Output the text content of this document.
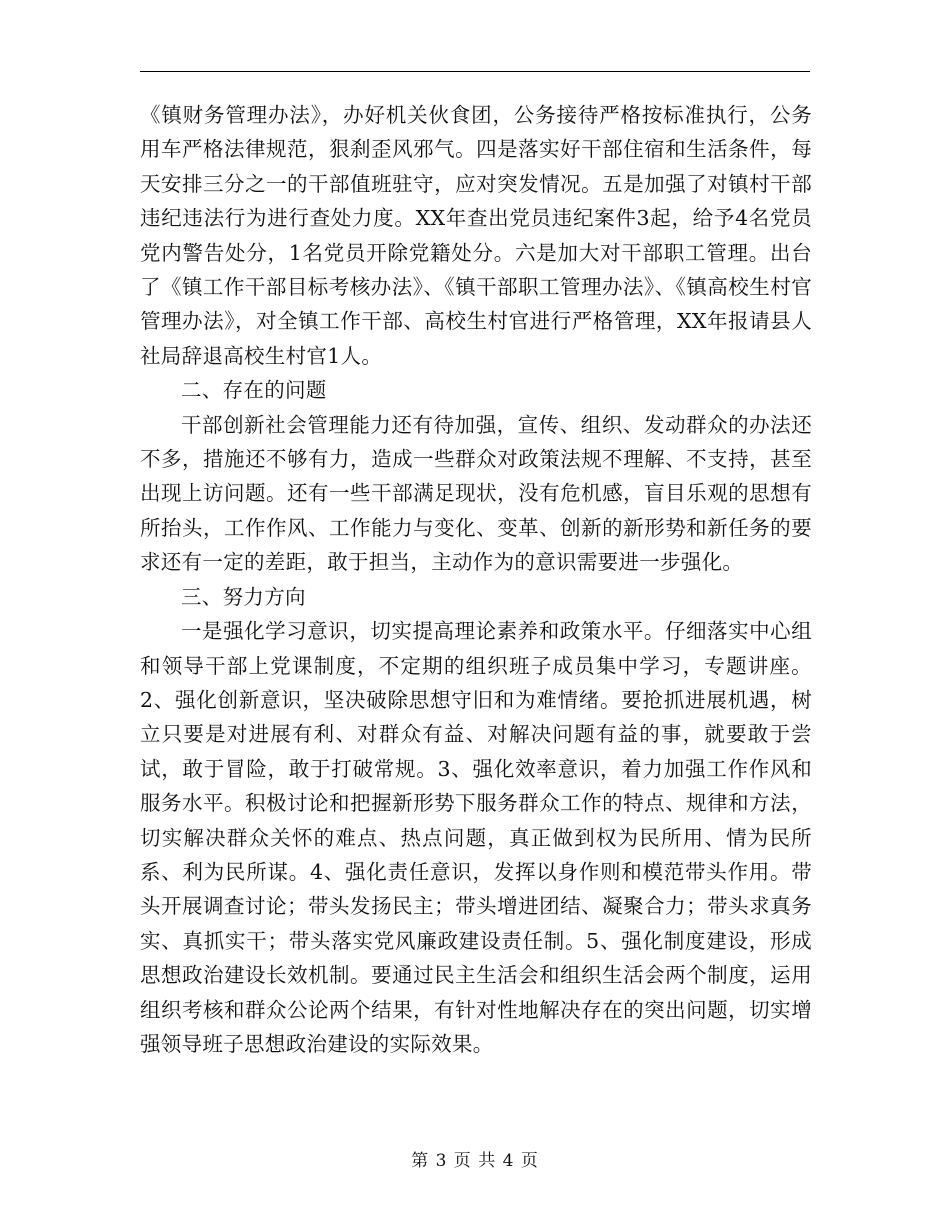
《镇财务管理办法》，办好机关伙食团，公务接待严格按标准执行，公务用车严格法律规范，狠刹歪风邪气。四是落实好干部住宿和生活条件，每天安排三分之一的干部值班驻守，应对突发情况。五是加强了对镇村干部违纪违法行为进行查处力度。XX年查出党员违纪案件3起，给予4名党员党内警告处分，1名党员开除党籍处分。六是加大对干部职工管理。出台了《镇工作干部目标考核办法》、《镇干部职工管理办法》、《镇高校生村官管理办法》，对全镇工作干部、高校生村官进行严格管理，XX年报请县人社局辞退高校生村官1人。

二、存在的问题

干部创新社会管理能力还有待加强，宣传、组织、发动群众的办法还不多，措施还不够有力，造成一些群众对政策法规不理解、不支持，甚至出现上访问题。还有一些干部满足现状，没有危机感，盲目乐观的思想有所抬头，工作作风、工作能力与变化、变革、创新的新形势和新任务的要求还有一定的差距，敢于担当，主动作为的意识需要进一步强化。

三、努力方向

一是强化学习意识，切实提高理论素养和政策水平。仔细落实中心组和领导干部上党课制度，不定期的组织班子成员集中学习，专题讲座。2、强化创新意识，坚决破除思想守旧和为难情绪。要抢抓进展机遇，树立只要是对进展有利、对群众有益、对解决问题有益的事，就要敢于尝试，敢于冒险，敢于打破常规。3、强化效率意识，着力加强工作作风和服务水平。积极讨论和把握新形势下服务群众工作的特点、规律和方法，切实解决群众关怀的难点、热点问题，真正做到权为民所用、情为民所系、利为民所谋。4、强化责任意识，发挥以身作则和模范带头作用。带头开展调查讨论；带头发扬民主；带头增进团结、凝聚合力；带头求真务实、真抓实干；带头落实党风廉政建设责任制。5、强化制度建设，形成思想政治建设长效机制。要通过民主生活会和组织生活会两个制度，运用组织考核和群众公论两个结果，有针对性地解决存在的突出问题，切实增强领导班子思想政治建设的实际效果。

第 3 页 共 4 页
